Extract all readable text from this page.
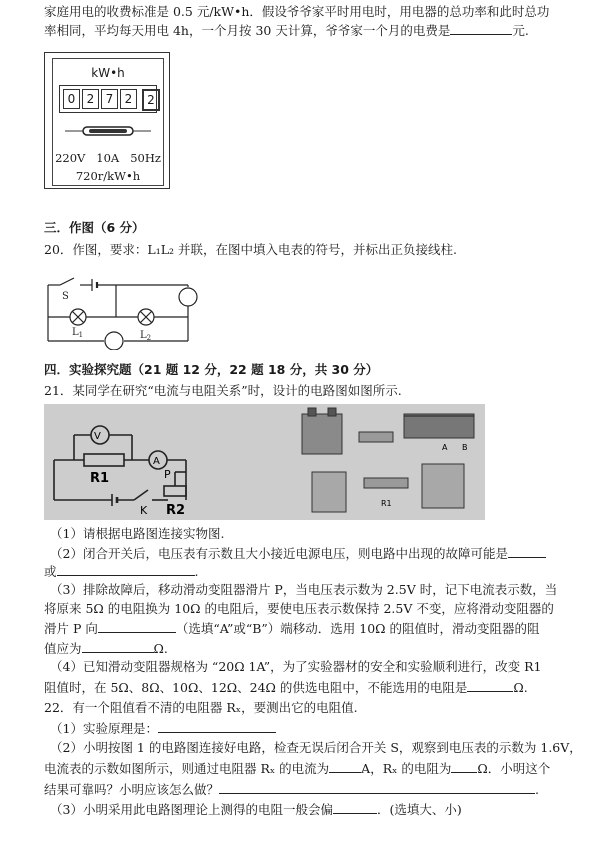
家庭用电的收费标准是 0.5 元/kW•h．假设爷爷家平时用电时，用电器的总功率和此时总功
率相同，平均每天用电 4h，一个月按 30 天计算，爷爷家一个月的电费是	元.
kW•h
0 2 7 2	2
220V   10A   50Hz
720r/kW•h
三．作图（6 分）
20．作图，要求：L₁L₂ 并联，在图中填入电表的符号，并标出正负接线柱.
S
$L_1$	$L_2$
四．实验探究题（21 题 12 分，22 题 18 分，共 30 分）
21．某同学在研究“电流与电阻关系”时，设计的电路图如图所示.
V
A
R1
K
P
R2	R1
A B
（1）请根据电路图连接实物图.
（2）闭合开关后，电压表有示数且大小接近电源电压，则电路中出现的故障可能是
或	.
（3）排除故障后，移动滑动变阻器滑片 P，当电压表示数为 2.5V 时，记下电流表示数，当
将原来 5Ω 的电阻换为 10Ω 的电阻后，要使电压表示数保持 2.5V 不变，应将滑动变阻器的
滑片 P 向	（选填“A”或“B”）端移动．选用 10Ω 的阻值时，滑动变阻器的阻
值应为	Ω.
（4）已知滑动变阻器规格为 “20Ω 1A”，为了实验器材的安全和实验顺利进行，改变 R1
阻值时，在 5Ω、8Ω、10Ω、12Ω、24Ω 的供选电阻中，不能选用的电阻是	Ω.
22．有一个阻值看不清的电阻器 Rₓ，要测出它的电阻值.
（1）实验原理是：
（2）小明按图 1 的电路图连接好电路，检查无误后闭合开关 S，观察到电压表的示数为 1.6V，
电流表的示数如图所示，则通过电阻器 Rₓ 的电流为	A，Rₓ 的电阻为 Ω．小明这个
结果可靠吗？小明应该怎么做？	.
（3）小明采用此电路图理论上测得的电阻一般会偏	．(选填大、小)
